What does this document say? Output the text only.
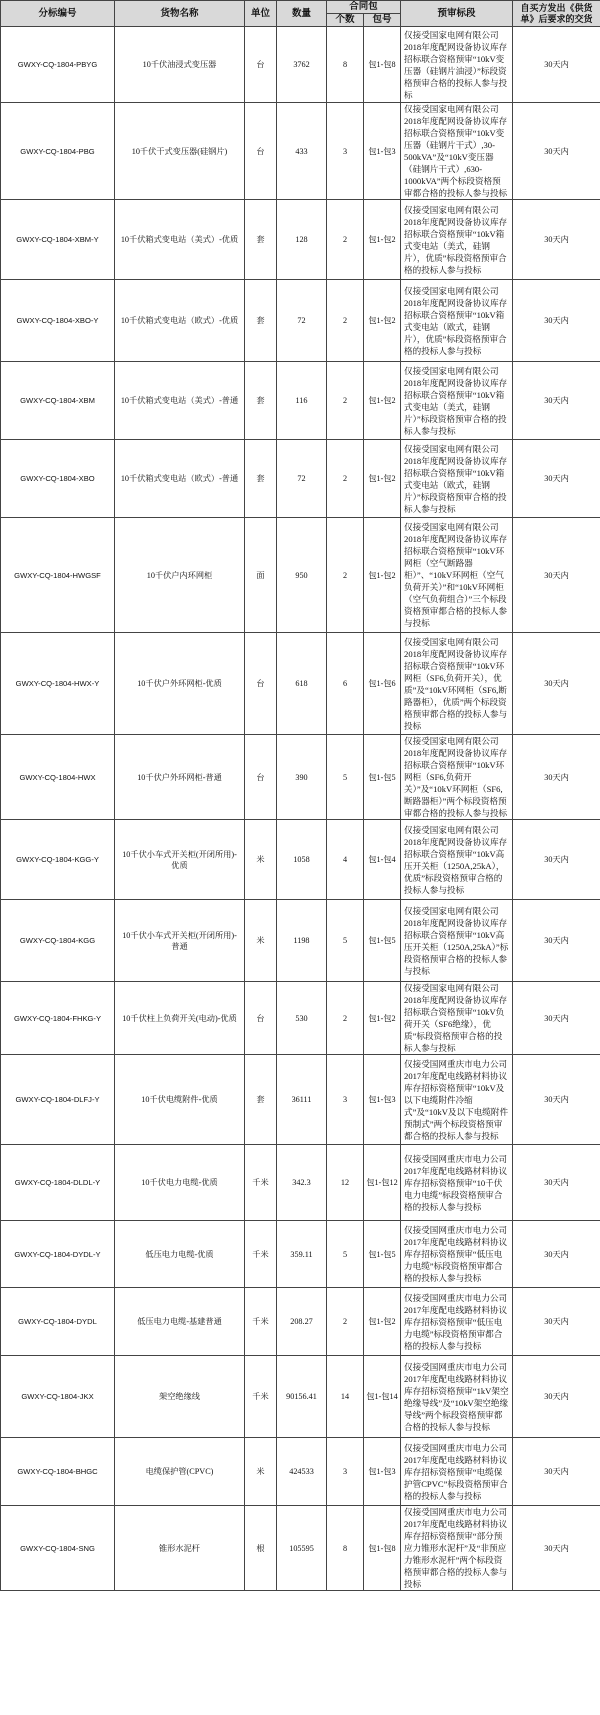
分标编号	货物名称	单位	数量	合同包		预审标段	自买方发出《供货单》后要求的交货
				个数	包号		
GWXY-CQ-1804-PBYG	10千伏油浸式变压器	台	3762	8	包1-包8	仅接受国家电网有限公司2018年度配网设备协议库存招标联合资格预审“10kV变压器（硅钢片油浸）”标段资格预审合格的投标人参与投标	30天内
GWXY-CQ-1804-PBG	10千伏干式变压器(硅钢片)	台	433	3	包1-包3	仅接受国家电网有限公司2018年度配网设备协议库存招标联合资格预审“10kV变压器（硅钢片干式）,30-500kVA”及“10kV变压器（硅钢片干式）,630-1000kVA”两个标段资格预审都合格的投标人参与投标	30天内
GWXY-CQ-1804-XBM-Y	10千伏箱式变电站（美式）-优质	套	128	2	包1-包2	仅接受国家电网有限公司2018年度配网设备协议库存招标联合资格预审“10kV箱式变电站（美式，硅钢片），优质”标段资格预审合格的投标人参与投标	30天内
GWXY-CQ-1804-XBO-Y	10千伏箱式变电站（欧式）-优质	套	72	2	包1-包2	仅接受国家电网有限公司2018年度配网设备协议库存招标联合资格预审“10kV箱式变电站（欧式，硅钢片），优质”标段资格预审合格的投标人参与投标	30天内
GWXY-CQ-1804-XBM	10千伏箱式变电站（美式）-普通	套	116	2	包1-包2	仅接受国家电网有限公司2018年度配网设备协议库存招标联合资格预审“10kV箱式变电站（美式，硅钢片）”标段资格预审合格的投标人参与投标	30天内
GWXY-CQ-1804-XBO	10千伏箱式变电站（欧式）-普通	套	72	2	包1-包2	仅接受国家电网有限公司2018年度配网设备协议库存招标联合资格预审“10kV箱式变电站（欧式，硅钢片）”标段资格预审合格的投标人参与投标	30天内
GWXY-CQ-1804-HWGSF	10千伏户内环网柜	面	950	2	包1-包2	仅接受国家电网有限公司2018年度配网设备协议库存招标联合资格预审“10kV环网柜（空气断路器柜）”、“10kV环网柜（空气负荷开关）”和“10kV环网柜（空气负荷组合）”三个标段资格预审都合格的投标人参与投标	30天内
GWXY-CQ-1804-HWX-Y	10千伏户外环网柜-优质	台	618	6	包1-包6	仅接受国家电网有限公司2018年度配网设备协议库存招标联合资格预审“10kV环网柜（SF6,负荷开关），优质”及“10kV环网柜（SF6,断路器柜），优质”两个标段资格预审都合格的投标人参与投标	30天内
GWXY-CQ-1804-HWX	10千伏户外环网柜-普通	台	390	5	包1-包5	仅接受国家电网有限公司2018年度配网设备协议库存招标联合资格预审“10kV环网柜（SF6,负荷开关）”及“10kV环网柜（SF6,断路器柜）”两个标段资格预审都合格的投标人参与投标	30天内
GWXY-CQ-1804-KGG-Y	10千伏小车式开关柜(开闭所用)-优质	米	1058	4	包1-包4	仅接受国家电网有限公司2018年度配网设备协议库存招标联合资格预审“10kV高压开关柜（1250A,25kA），优质”标段资格预审合格的投标人参与投标	30天内
GWXY-CQ-1804-KGG	10千伏小车式开关柜(开闭所用)-普通	米	1198	5	包1-包5	仅接受国家电网有限公司2018年度配网设备协议库存招标联合资格预审“10kV高压开关柜（1250A,25kA）”标段资格预审合格的投标人参与投标	30天内
GWXY-CQ-1804-FHKG-Y	10千伏柱上负荷开关(电动)-优质	台	530	2	包1-包2	仅接受国家电网有限公司2018年度配网设备协议库存招标联合资格预审“10kV负荷开关（SF6绝缘），优质”标段资格预审合格的投标人参与投标	30天内
GWXY-CQ-1804-DLFJ-Y	10千伏电缆附件-优质	套	36111	3	包1-包3	仅接受国网重庆市电力公司2017年度配电线路材料协议库存招标资格预审“10kV及以下电缆附件冷缩式”及“10kV及以下电缆附件预制式”两个标段资格预审都合格的投标人参与投标	30天内
GWXY-CQ-1804-DLDL-Y	10千伏电力电缆-优质	千米	342.3	12	包1-包12	仅接受国网重庆市电力公司2017年度配电线路材料协议库存招标资格预审“10千伏电力电缆”标段资格预审合格的投标人参与投标	30天内
GWXY-CQ-1804-DYDL-Y	低压电力电缆-优质	千米	359.11	5	包1-包5	仅接受国网重庆市电力公司2017年度配电线路材料协议库存招标资格预审“低压电力电缆”标段资格预审都合格的投标人参与投标	30天内
GWXY-CQ-1804-DYDL	低压电力电缆-基建普通	千米	208.27	2	包1-包2	仅接受国网重庆市电力公司2017年度配电线路材料协议库存招标资格预审“低压电力电缆”标段资格预审都合格的投标人参与投标	30天内
GWXY-CQ-1804-JKX	架空绝缘线	千米	90156.41	14	包1-包14	仅接受国网重庆市电力公司2017年度配电线路材料协议库存招标资格预审“1kV架空绝缘导线”及“10kV架空绝缘导线”两个标段资格预审都合格的投标人参与投标	30天内
GWXY-CQ-1804-BHGC	电缆保护管(CPVC)	米	424533	3	包1-包3	仅接受国网重庆市电力公司2017年度配电线路材料协议库存招标资格预审“电缆保护管CPVC”标段资格预审合格的投标人参与投标	30天内
GWXY-CQ-1804-SNG	锥形水泥杆	根	105595	8	包1-包8	仅接受国网重庆市电力公司2017年度配电线路材料协议库存招标资格预审“部分预应力锥形水泥杆”及“非预应力锥形水泥杆”两个标段资格预审都合格的投标人参与投标	30天内
